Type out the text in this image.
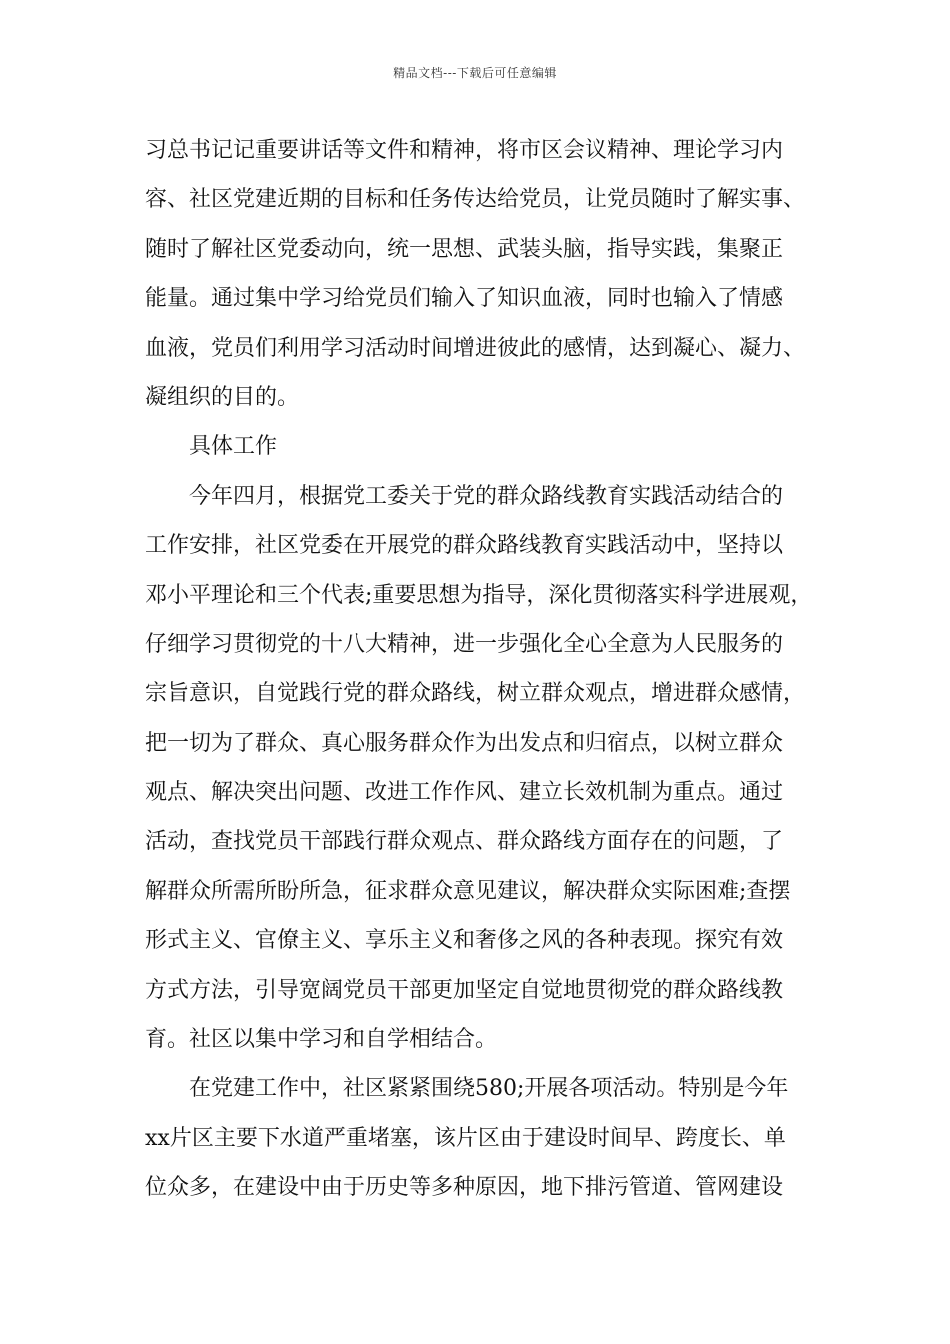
精品文档---下载后可任意编辑
习总书记记重要讲话等文件和精神，将市区会议精神、理论学习内
容、社区党建近期的目标和任务传达给党员，让党员随时了解实事、
随时了解社区党委动向，统一思想、武装头脑，指导实践，集聚正
能量。通过集中学习给党员们输入了知识血液，同时也输入了情感
血液，党员们利用学习活动时间增进彼此的感情，达到凝心、凝力、
凝组织的目的。
具体工作
今年四月，根据党工委关于党的群众路线教育实践活动结合的
工作安排，社区党委在开展党的群众路线教育实践活动中，坚持以
邓小平理论和三个代表;重要思想为指导，深化贯彻落实科学进展观，
仔细学习贯彻党的十八大精神，进一步强化全心全意为人民服务的
宗旨意识，自觉践行党的群众路线，树立群众观点，增进群众感情，
把一切为了群众、真心服务群众作为出发点和归宿点，以树立群众
观点、解决突出问题、改进工作作风、建立长效机制为重点。通过
活动，查找党员干部践行群众观点、群众路线方面存在的问题，了
解群众所需所盼所急，征求群众意见建议，解决群众实际困难;查摆
形式主义、官僚主义、享乐主义和奢侈之风的各种表现。探究有效
方式方法，引导宽阔党员干部更加坚定自觉地贯彻党的群众路线教
育。社区以集中学习和自学相结合。
在党建工作中，社区紧紧围绕580;开展各项活动。特别是今年
xx片区主要下水道严重堵塞，该片区由于建设时间早、跨度长、单
位众多，在建设中由于历史等多种原因，地下排污管道、管网建设
